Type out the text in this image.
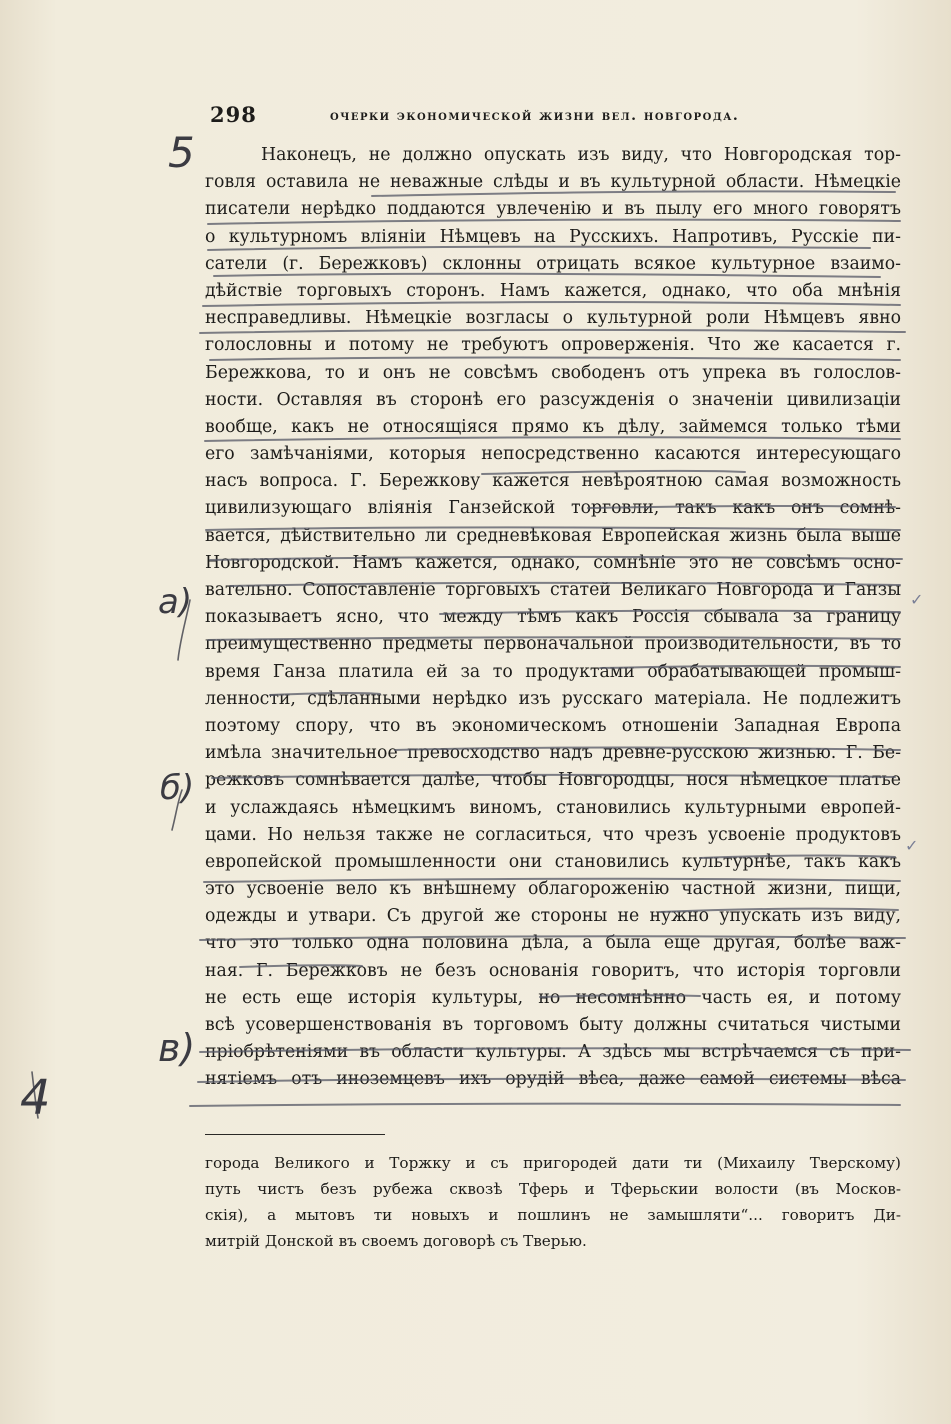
298	очерки экономической жизни вел. новгорода.
Наконецъ, не должно опускать изъ виду, что Новгородская тор-
говля оставила не неважные слѣды и въ культурной области. Нѣмецкіе
писатели нерѣдко поддаются увлеченію и въ пылу его много говорятъ
о культурномъ вліяніи Нѣмцевъ на Русскихъ. Напротивъ, Русскіе пи-
сатели (г. Бережковъ) склонны отрицать всякое культурное взаимо-
дѣйствіе торговыхъ сторонъ. Намъ кажется, однако, что оба мнѣнія
несправедливы. Нѣмецкіе возгласы о культурной роли Нѣмцевъ явно
голословны и потому не требуютъ опроверженія. Что же касается г.
Бережкова, то и онъ не совсѣмъ свободенъ отъ упрека въ голослов-
ности. Оставляя въ сторонѣ его разсужденія о значеніи цивилизаціи
вообще, какъ не относящіяся прямо къ дѣлу, займемся только тѣми
его замѣчаніями, которыя непосредственно касаются интересующаго
насъ вопроса. Г. Бережкову кажется невѣроятною самая возможность
цивилизующаго вліянія Ганзейской торговли, такъ какъ онъ сомнѣ-
вается, дѣйствительно ли средневѣковая Европейская жизнь была выше
Новгородской. Намъ кажется, однако, сомнѣніе это не совсѣмъ осно-
вательно. Сопоставленіе торговыхъ статей Великаго Новгорода и Ганзы
показываетъ ясно, что между тѣмъ какъ Россія сбывала за границу
преимущественно предметы первоначальной производительности, въ то
время Ганза платила ей за то продуктами обрабатывающей промыш-
ленности, сдѣланными нерѣдко изъ русскаго матеріала. Не подлежитъ
поэтому спору, что въ экономическомъ отношеніи Западная Европа
имѣла значительное превосходство надъ древне-русскою жизнью. Г. Бе-
режковъ сомнѣвается далѣе, чтобы Новгородцы, нося нѣмецкое платье
и услаждаясь нѣмецкимъ виномъ, становились культурными европей-
цами. Но нельзя также не согласиться, что чрезъ усвоеніе продуктовъ
европейской промышленности они становились культурнѣе, такъ какъ
это усвоеніе вело къ внѣшнему облагороженію частной жизни, пищи,
одежды и утвари. Съ другой же стороны не нужно упускать изъ виду,
что это только одна половина дѣла, а была еще другая, болѣе важ-
ная. Г. Бережковъ не безъ основанія говоритъ, что исторія торговли
не есть еще исторія культуры, но несомнѣнно часть ея, и потому
всѣ усовершенствованія въ торговомъ быту должны считаться чистыми
пріобрѣтеніями въ области культуры. А здѣсь мы встрѣчаемся съ при-
нятіемъ отъ иноземцевъ ихъ орудій вѣса, даже самой системы вѣса
города Великого и Торжку и съ пригородей дати ти (Михаилу Тверскому)
путь чистъ безъ рубежа сквозѣ Тферь и Тферьскии волости (въ Москов-
скія), а мытовъ ти новыхъ и пошлинъ не замышляти“... говоритъ Ди-
митрій Донской въ своемъ договорѣ съ Тверью.
5
а)
б)
в)
4
✓
✓
